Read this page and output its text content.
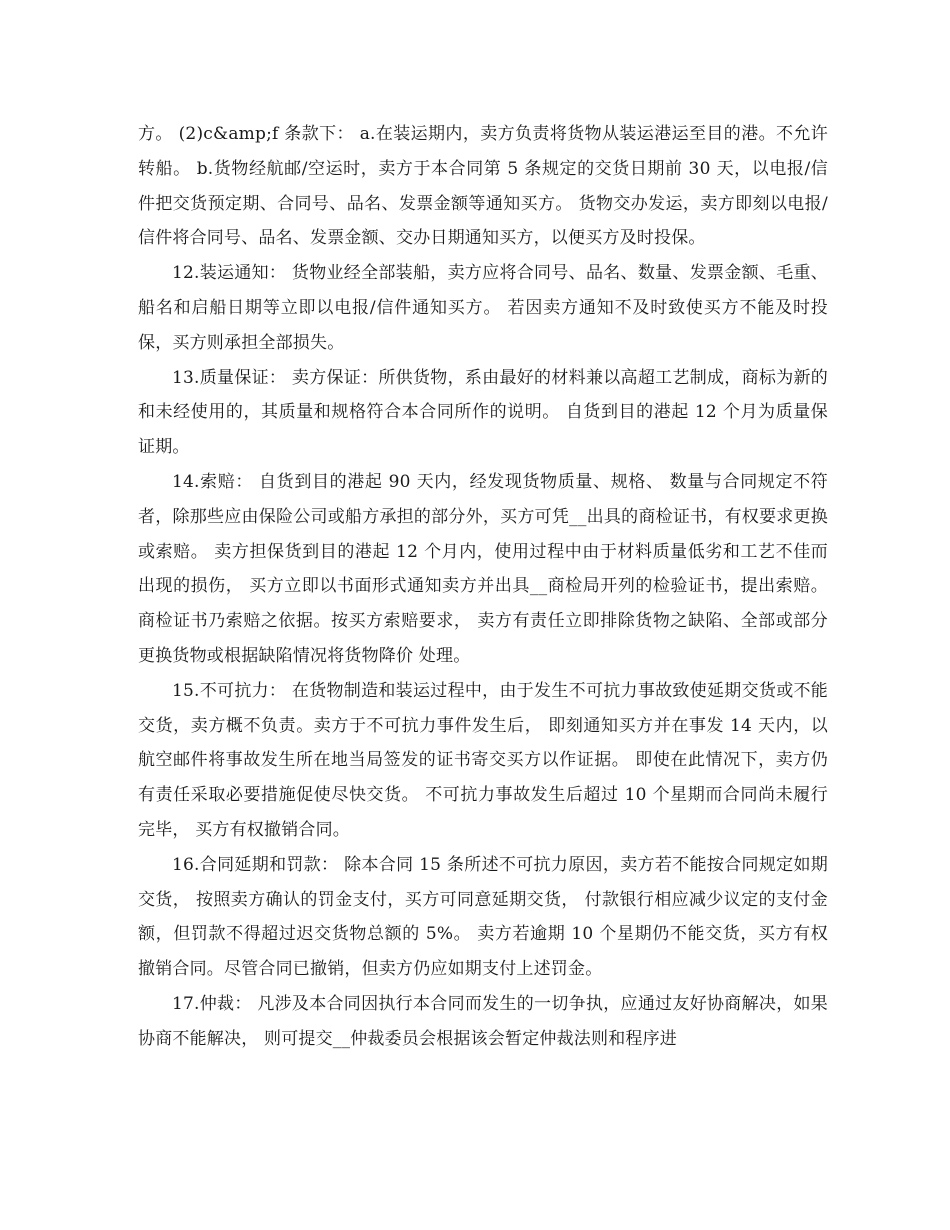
方。 (2)c&amp;f 条款下： a.在装运期内，卖方负责将货物从装运港运至目的港。不允许转船。 b.货物经航邮/空运时，卖方于本合同第 5 条规定的交货日期前 30 天，以电报/信件把交货预定期、合同号、品名、发票金额等通知买方。 货物交办发运，卖方即刻以电报/信件将合同号、品名、发票金额、交办日期通知买方，以便买方及时投保。

12.装运通知： 货物业经全部装船，卖方应将合同号、品名、数量、发票金额、毛重、船名和启船日期等立即以电报/信件通知买方。 若因卖方通知不及时致使买方不能及时投保，买方则承担全部损失。

13.质量保证： 卖方保证：所供货物，系由最好的材料兼以高超工艺制成，商标为新的和未经使用的，其质量和规格符合本合同所作的说明。 自货到目的港起 12 个月为质量保证期。

14.索赔： 自货到目的港起 90 天内，经发现货物质量、规格、 数量与合同规定不符者，除那些应由保险公司或船方承担的部分外，买方可凭__出具的商检证书，有权要求更换或索赔。 卖方担保货到目的港起 12 个月内，使用过程中由于材料质量低劣和工艺不佳而出现的损伤， 买方立即以书面形式通知卖方并出具__商检局开列的检验证书，提出索赔。商检证书乃索赔之依据。按买方索赔要求， 卖方有责任立即排除货物之缺陷、全部或部分更换货物或根据缺陷情况将货物降价 处理。

15.不可抗力： 在货物制造和装运过程中，由于发生不可抗力事故致使延期交货或不能交货，卖方概不负责。卖方于不可抗力事件发生后， 即刻通知买方并在事发 14 天内，以航空邮件将事故发生所在地当局签发的证书寄交买方以作证据。 即使在此情况下，卖方仍有责任采取必要措施促使尽快交货。 不可抗力事故发生后超过 10 个星期而合同尚未履行完毕， 买方有权撤销合同。

16.合同延期和罚款： 除本合同 15 条所述不可抗力原因，卖方若不能按合同规定如期交货， 按照卖方确认的罚金支付，买方可同意延期交货， 付款银行相应减少议定的支付金额，但罚款不得超过迟交货物总额的 5%。 卖方若逾期 10 个星期仍不能交货，买方有权撤销合同。尽管合同已撤销，但卖方仍应如期支付上述罚金。

17.仲裁： 凡涉及本合同因执行本合同而发生的一切争执，应通过友好协商解决，如果协商不能解决， 则可提交__仲裁委员会根据该会暂定仲裁法则和程序进
